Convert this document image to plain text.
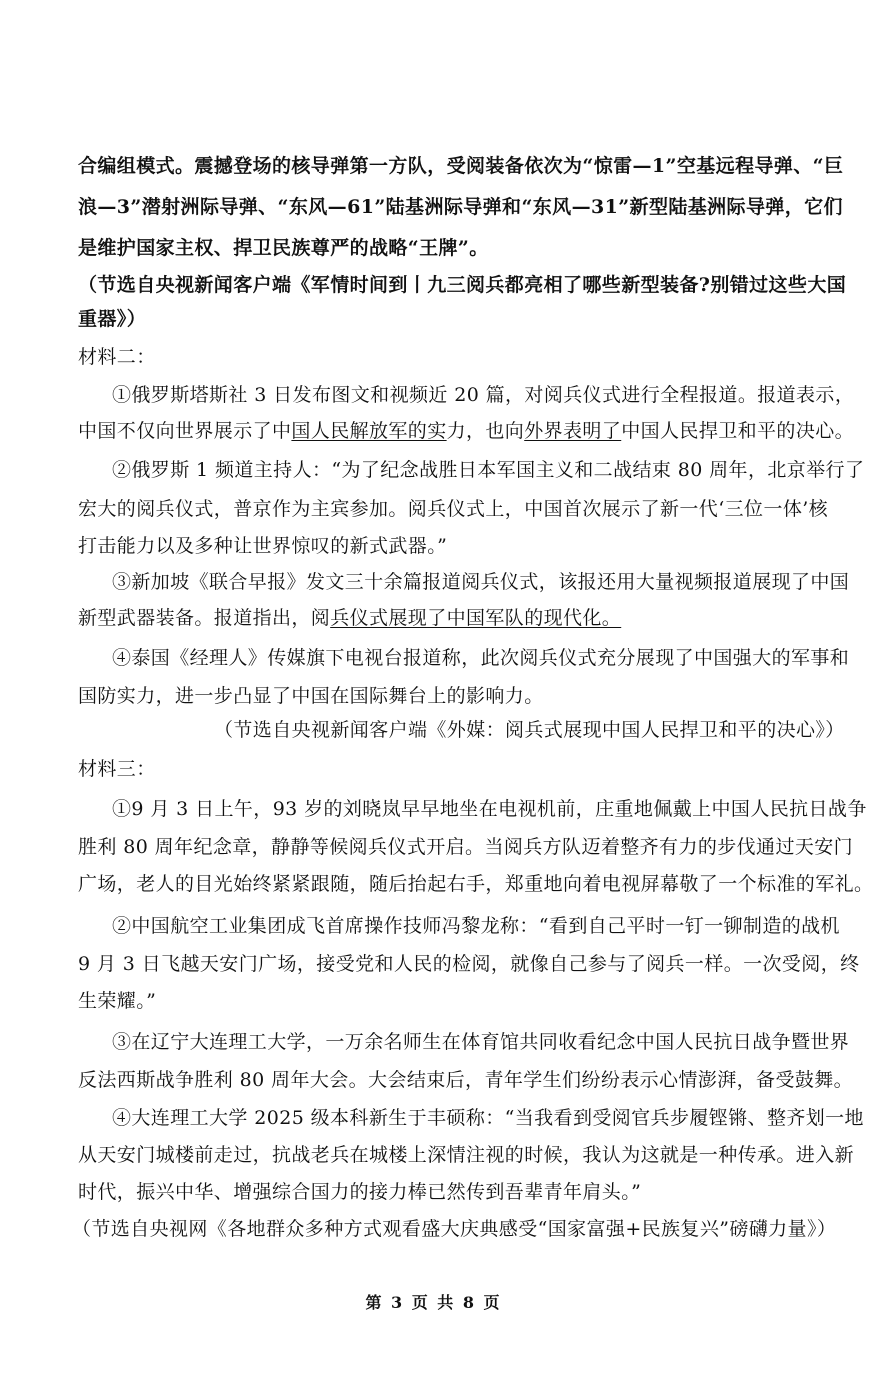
合编组模式。震撼登场的核导弹第一方队，受阅装备依次为“惊雷—1”空基远程导弹、“巨
浪—3”潜射洲际导弹、“东风—61”陆基洲际导弹和“东风—31”新型陆基洲际导弹，它们
是维护国家主权、捍卫民族尊严的战略“王牌”。
（节选自央视新闻客户端《军情时间到丨九三阅兵都亮相了哪些新型装备?别错过这些大国
重器》）
材料二：
①俄罗斯塔斯社 3 日发布图文和视频近 20 篇，对阅兵仪式进行全程报道。报道表示，
中国不仅向世界展示了中国人民解放军的实力，也向外界表明了中国人民捍卫和平的决心。
②俄罗斯 1 频道主持人：“为了纪念战胜日本军国主义和二战结束 80 周年，北京举行了
宏大的阅兵仪式，普京作为主宾参加。阅兵仪式上，中国首次展示了新一代‘三位一体’核
打击能力以及多种让世界惊叹的新式武器。”
③新加坡《联合早报》发文三十余篇报道阅兵仪式，该报还用大量视频报道展现了中国
新型武器装备。报道指出，阅兵仪式展现了中国军队的现代化。
④泰国《经理人》传媒旗下电视台报道称，此次阅兵仪式充分展现了中国强大的军事和
国防实力，进一步凸显了中国在国际舞台上的影响力。
（节选自央视新闻客户端《外媒：阅兵式展现中国人民捍卫和平的决心》）
材料三：
①9 月 3 日上午，93 岁的刘晓岚早早地坐在电视机前，庄重地佩戴上中国人民抗日战争
胜利 80 周年纪念章，静静等候阅兵仪式开启。当阅兵方队迈着整齐有力的步伐通过天安门
广场，老人的目光始终紧紧跟随，随后抬起右手，郑重地向着电视屏幕敬了一个标准的军礼。
②中国航空工业集团成飞首席操作技师冯黎龙称：“看到自己平时一钉一铆制造的战机
9 月 3 日飞越天安门广场，接受党和人民的检阅，就像自己参与了阅兵一样。一次受阅，终
生荣耀。”
③在辽宁大连理工大学，一万余名师生在体育馆共同收看纪念中国人民抗日战争暨世界
反法西斯战争胜利 80 周年大会。大会结束后，青年学生们纷纷表示心情澎湃，备受鼓舞。
④大连理工大学 2025 级本科新生于丰硕称：“当我看到受阅官兵步履铿锵、整齐划一地
从天安门城楼前走过，抗战老兵在城楼上深情注视的时候，我认为这就是一种传承。进入新
时代，振兴中华、增强综合国力的接力棒已然传到吾辈青年肩头。”
（节选自央视网《各地群众多种方式观看盛大庆典感受“国家富强+民族复兴”磅礴力量》）
第 3 页 共 8 页
